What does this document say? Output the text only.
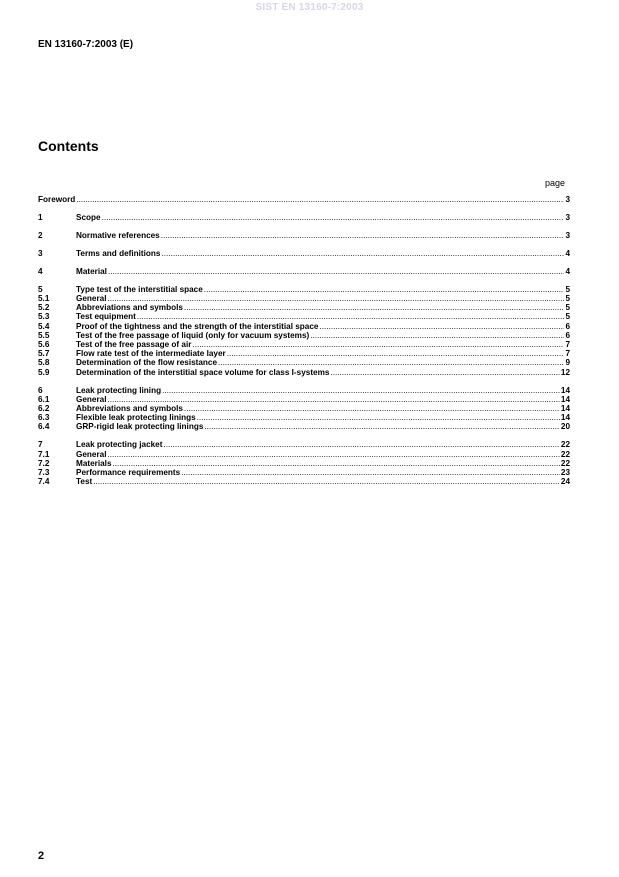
SIST EN 13160-7:2003
EN 13160-7:2003 (E)
Contents
page
Foreword .....	3
1	Scope .....	3
2	Normative references .....	3
3	Terms and definitions .....	4
4	Material .....	4
5	Type test of the interstitial space .....	5
5.1	General .....	5
5.2	Abbreviations and symbols .....	5
5.3	Test equipment .....	5
5.4	Proof of the tightness and the strength of the interstitial space .....	6
5.5	Test of the free passage of liquid (only for vacuum systems) .....	6
5.6	Test of the free passage of air .....	7
5.7	Flow rate test of the intermediate layer .....	7
5.8	Determination of the flow resistance .....	9
5.9	Determination of the interstitial space volume for class I-systems .....	12
6	Leak protecting lining .....	14
6.1	General .....	14
6.2	Abbreviations and symbols .....	14
6.3	Flexible leak protecting linings .....	14
6.4	GRP-rigid leak protecting linings .....	20
7	Leak protecting jacket .....	22
7.1	General .....	22
7.2	Materials .....	22
7.3	Performance requirements .....	23
7.4	Test .....	24
2
